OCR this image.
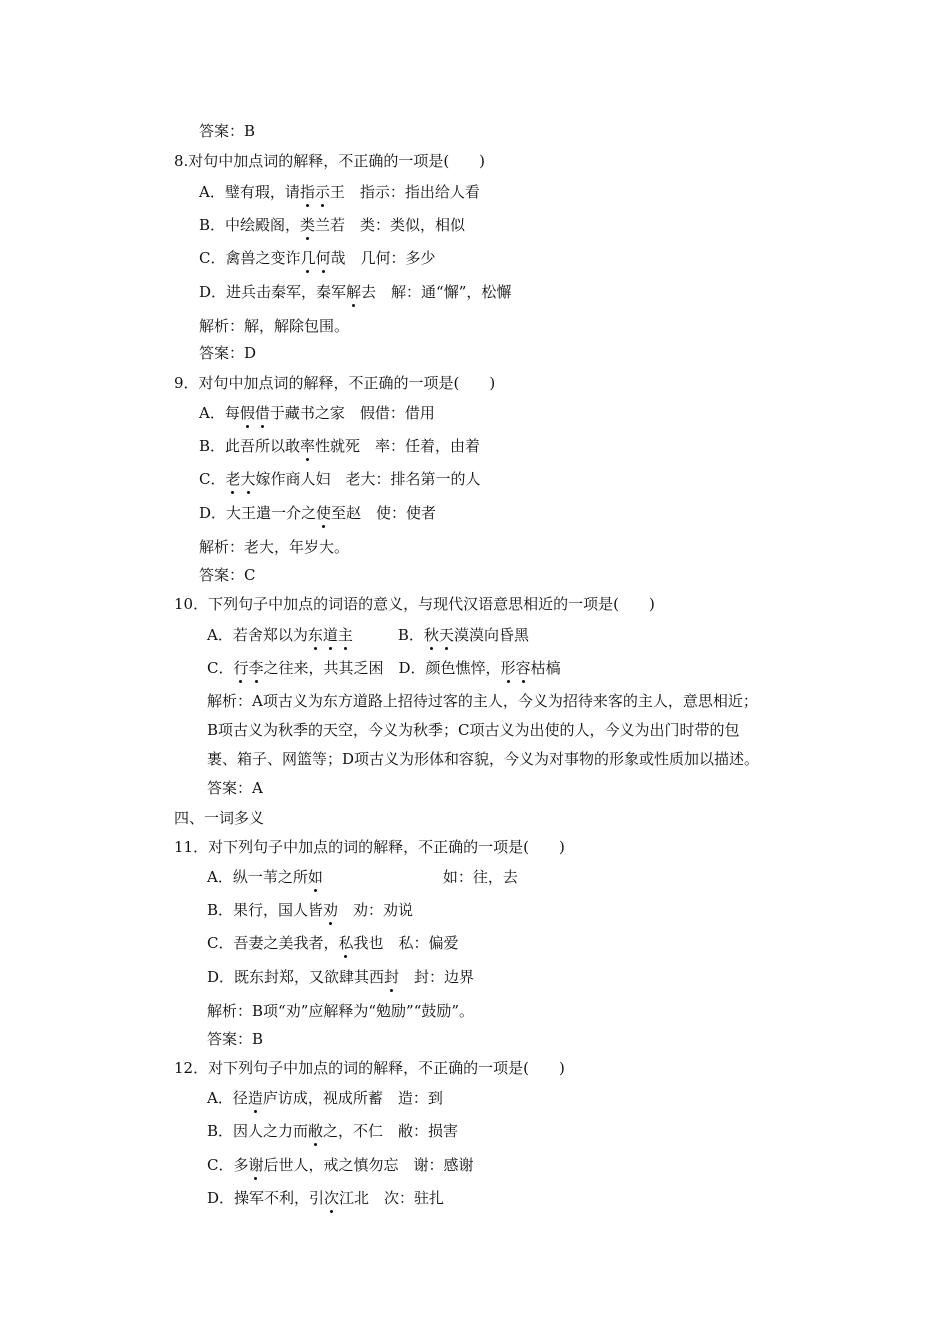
答案：B
8.对句中加点词的解释，不正确的一项是(　　)
A．璧有瑕，请指示王　指示：指出给人看
B．中绘殿阁，类兰若　类：类似，相似
C．禽兽之变诈几何哉　几何：多少
D．进兵击秦军，秦军解去　解：通“懈”，松懈
解析：解，解除包围。
答案：D
9．对句中加点词的解释，不正确的一项是(　　)
A．每假借于藏书之家　假借：借用
B．此吾所以敢率性就死　率：任着，由着
C．老大嫁作商人妇　老大：排名第一的人
D．大王遣一介之使至赵　使：使者
解析：老大，年岁大。
答案：C
10．下列句子中加点的词语的意义，与现代汉语意思相近的一项是(　　)
A．若舍郑以为东道主　　　B．秋天漠漠向昏黑
C．行李之往来，共其乏困　D．颜色憔悴，形容枯槁
解析：A项古义为东方道路上招待过客的主人，今义为招待来客的主人，意思相近；
B项古义为秋季的天空，今义为秋季；C项古义为出使的人，今义为出门时带的包
裹、箱子、网篮等；D项古义为形体和容貌，今义为对事物的形象或性质加以描述。
答案：A
四、一词多义
11．对下列句子中加点的词的解释，不正确的一项是(　　)
A．纵一苇之所如　　　　　　　　如：往，去
B．果行，国人皆劝　劝：劝说
C．吾妻之美我者，私我也　私：偏爱
D．既东封郑，又欲肆其西封　封：边界
解析：B项“劝”应解释为“勉励”“鼓励”。
答案：B
12．对下列句子中加点的词的解释，不正确的一项是(　　)
A．径造庐访成，视成所蓄　造：到
B．因人之力而敝之，不仁　敝：损害
C．多谢后世人，戒之慎勿忘　谢：感谢
D．操军不利，引次江北　次：驻扎
